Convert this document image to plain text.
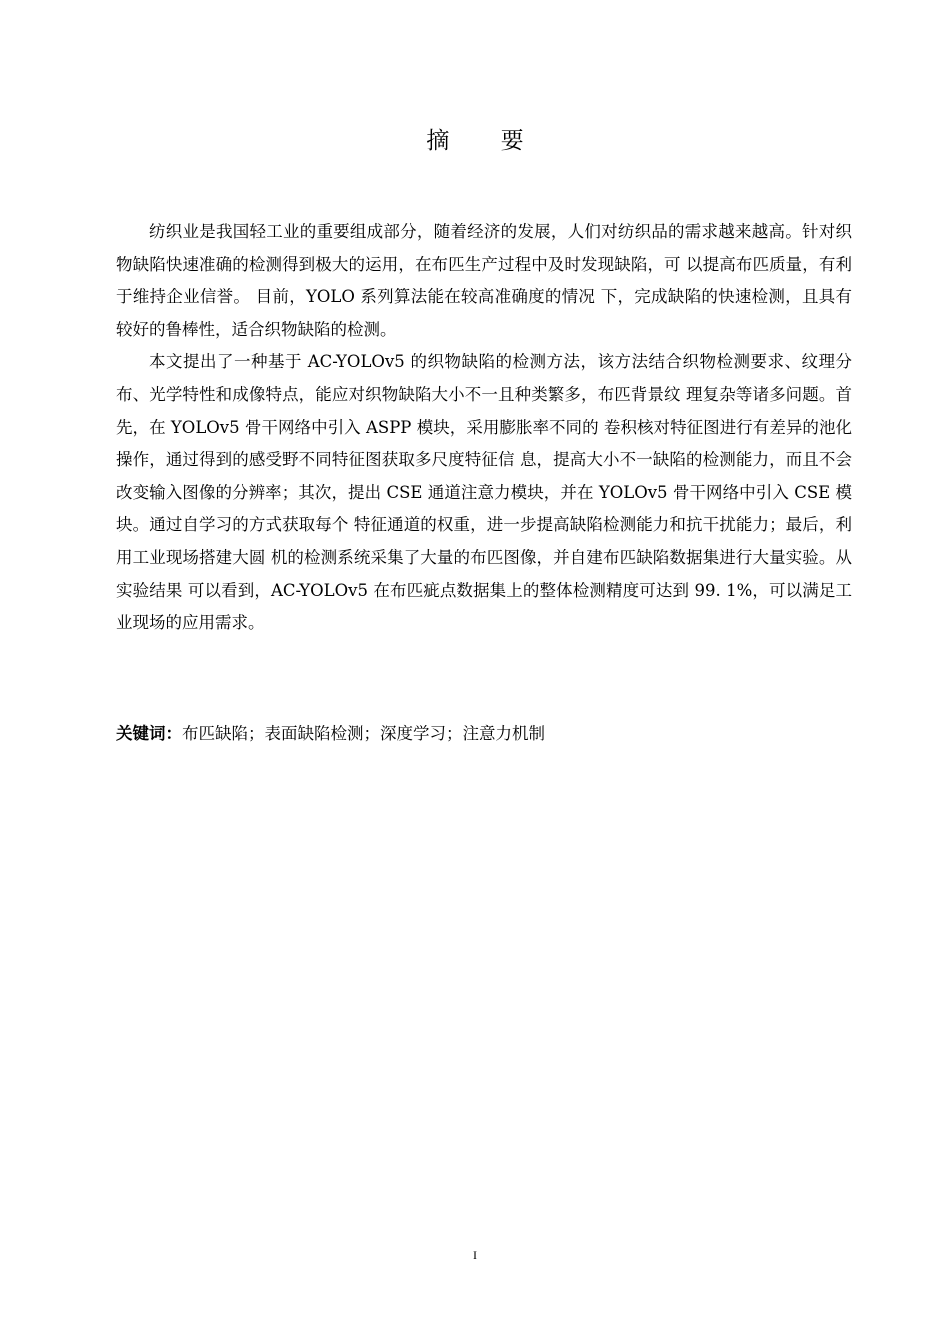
摘 要

纺织业是我国轻工业的重要组成部分，随着经济的发展，人们对纺织品的需求越来越高。针对织物缺陷快速准确的检测得到极大的运用，在布匹生产过程中及时发现缺陷，可 以提高布匹质量，有利于维持企业信誉。 目前，YOLO 系列算法能在较高准确度的情况 下，完成缺陷的快速检测，且具有较好的鲁棒性，适合织物缺陷的检测。

本文提出了一种基于 AC-YOLOv5 的织物缺陷的检测方法，该方法结合织物检测要求、纹理分布、光学特性和成像特点，能应对织物缺陷大小不一且种类繁多，布匹背景纹 理复杂等诸多问题。首先，在 YOLOv5 骨干网络中引入 ASPP 模块，采用膨胀率不同的 卷积核对特征图进行有差异的池化操作，通过得到的感受野不同特征图获取多尺度特征信 息，提高大小不一缺陷的检测能力，而且不会改变输入图像的分辨率；其次，提出 CSE 通道注意力模块，并在 YOLOv5 骨干网络中引入 CSE 模块。通过自学习的方式获取每个 特征通道的权重，进一步提高缺陷检测能力和抗干扰能力；最后，利用工业现场搭建大圆 机的检测系统采集了大量的布匹图像，并自建布匹缺陷数据集进行大量实验。从实验结果 可以看到，AC-YOLOv5 在布匹疵点数据集上的整体检测精度可达到 99. 1%，可以满足工 业现场的应用需求。

关键词：布匹缺陷；表面缺陷检测；深度学习；注意力机制
I
